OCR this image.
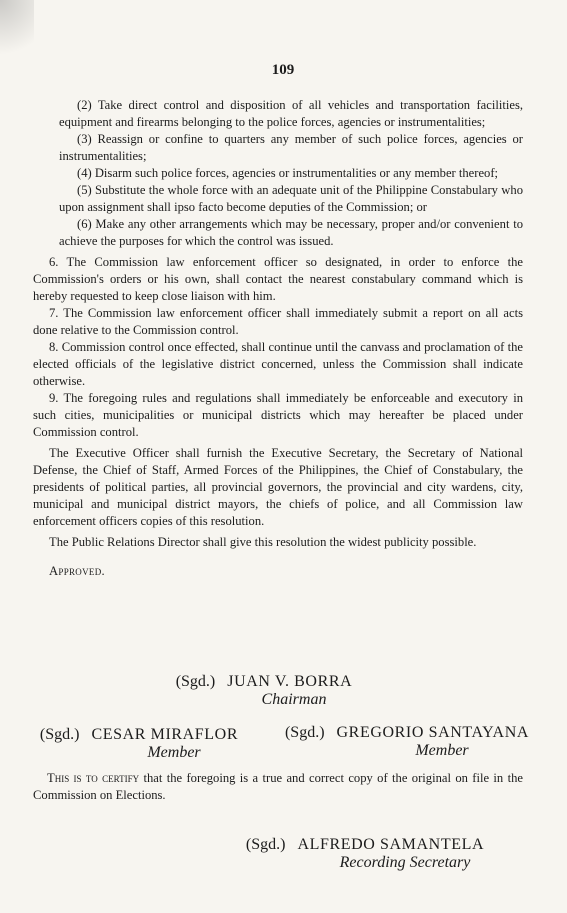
109

(2) Take direct control and disposition of all vehicles and transportation facilities, equipment and firearms belonging to the police forces, agencies or instrumentalities;

(3) Reassign or confine to quarters any member of such police forces, agencies or instrumentalities;

(4) Disarm such police forces, agencies or instrumentalities or any member thereof;

(5) Substitute the whole force with an adequate unit of the Philippine Constabulary who upon assignment shall ipso facto become deputies of the Commission; or

(6) Make any other arrangements which may be necessary, proper and/or convenient to achieve the purposes for which the control was issued.

6. The Commission law enforcement officer so designated, in order to enforce the Commission's orders or his own, shall contact the nearest constabulary command which is hereby requested to keep close liaison with him.

7. The Commission law enforcement officer shall immediately submit a report on all acts done relative to the Commission control.

8. Commission control once effected, shall continue until the canvass and proclamation of the elected officials of the legislative district concerned, unless the Commission shall indicate otherwise.

9. The foregoing rules and regulations shall immediately be enforceable and executory in such cities, municipalities or municipal districts which may hereafter be placed under Commission control.

The Executive Officer shall furnish the Executive Secretary, the Secretary of National Defense, the Chief of Staff, Armed Forces of the Philippines, the Chief of Constabulary, the presidents of political parties, all provincial governors, the provincial and city wardens, city, municipal and municipal district mayors, the chiefs of police, and all Commission law enforcement officers copies of this resolution.

The Public Relations Director shall give this resolution the widest publicity possible.

Approved.
(Sgd.) JUAN V. BORRA
Chairman
(Sgd.) CESAR MIRAFLOR
Member
(Sgd.) GREGORIO SANTAYANA
Member
This is to certify that the foregoing is a true and correct copy of the original on file in the Commission on Elections.
(Sgd.) ALFREDO SAMANTELA
Recording Secretary
